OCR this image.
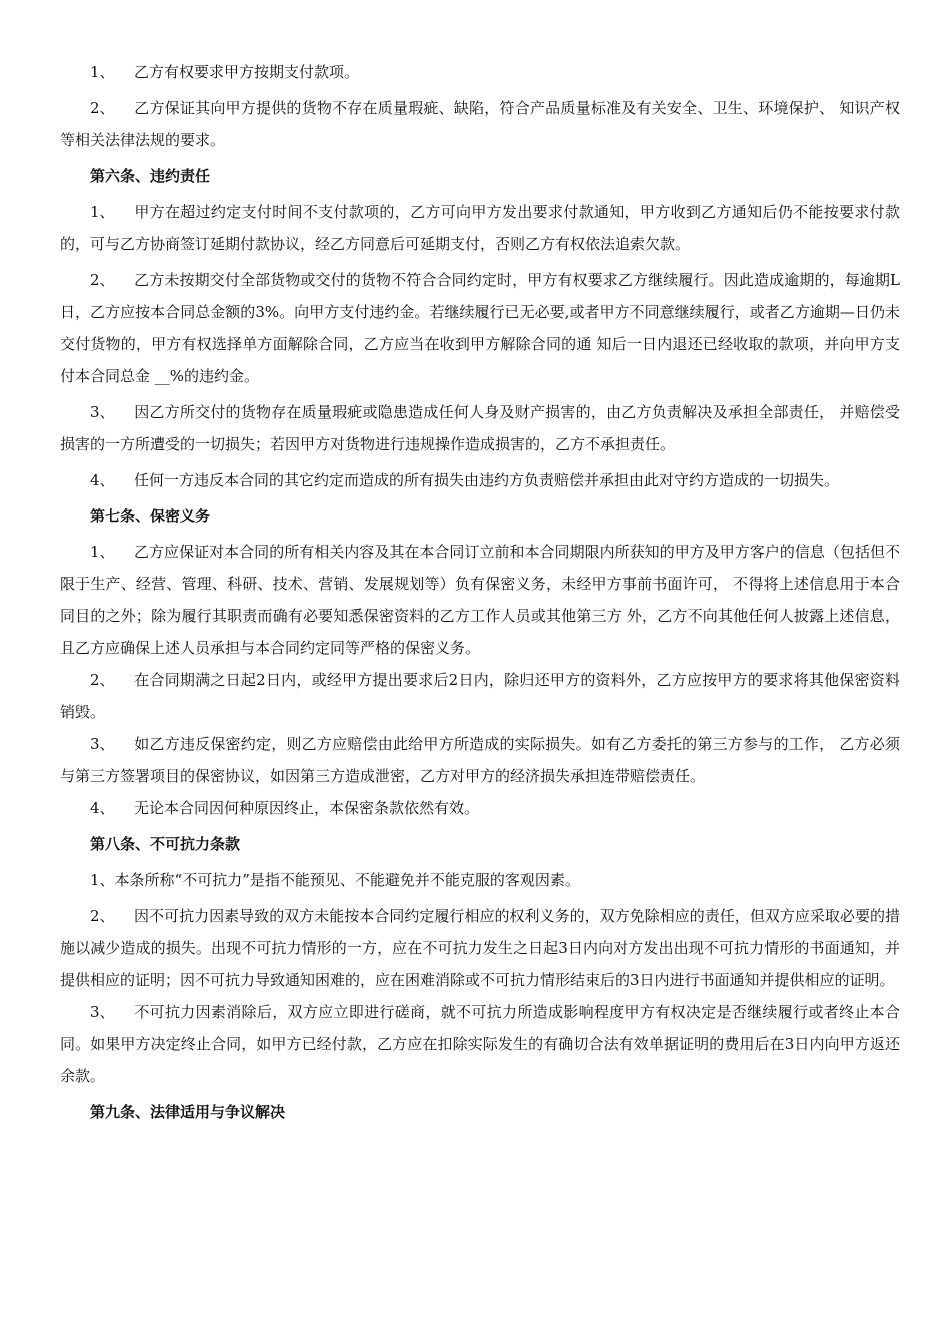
1、 乙方有权要求甲方按期支付款项。

2、 乙方保证其向甲方提供的货物不存在质量瑕疵、缺陷，符合产品质量标准及有关安全、卫生、环境保护、 知识产权等相关法律法规的要求。

第六条、违约责任

1、 甲方在超过约定支付时间不支付款项的，乙方可向甲方发出要求付款通知，甲方收到乙方通知后仍不能按要求付款的，可与乙方协商签订延期付款协议，经乙方同意后可延期支付，否则乙方有权依法追索欠款。

2、 乙方未按期交付全部货物或交付的货物不符合合同约定时，甲方有权要求乙方继续履行。因此造成逾期的，每逾期L日，乙方应按本合同总金额的3%。向甲方支付违约金。若继续履行已无必要,或者甲方不同意继续履行，或者乙方逾期—日仍未交付货物的，甲方有权选择单方面解除合同，乙方应当在收到甲方解除合同的通 知后一日内退还已经收取的款项，并向甲方支付本合同总金 __%的违约金。

3、 因乙方所交付的货物存在质量瑕疵或隐患造成任何人身及财产损害的，由乙方负责解决及承担全部责任， 并赔偿受损害的一方所遭受的一切损失；若因甲方对货物进行违规操作造成损害的，乙方不承担责任。

4、 任何一方违反本合同的其它约定而造成的所有损失由违约方负责赔偿并承担由此对守约方造成的一切损失。

第七条、保密义务

1、 乙方应保证对本合同的所有相关内容及其在本合同订立前和本合同期限内所获知的甲方及甲方客户的信息（包括但不限于生产、经营、管理、科研、技术、营销、发展规划等）负有保密义务，未经甲方事前书面许可， 不得将上述信息用于本合同目的之外；除为履行其职责而确有必要知悉保密资料的乙方工作人员或其他第三方 外，乙方不向其他任何人披露上述信息，且乙方应确保上述人员承担与本合同约定同等严格的保密义务。

2、 在合同期满之日起2日内，或经甲方提出要求后2日内，除归还甲方的资料外，乙方应按甲方的要求将其他保密资料销毁。

3、 如乙方违反保密约定，则乙方应赔偿由此给甲方所造成的实际损失。如有乙方委托的第三方参与的工作， 乙方必须与第三方签署项目的保密协议，如因第三方造成泄密，乙方对甲方的经济损失承担连带赔偿责任。

4、 无论本合同因何种原因终止，本保密条款依然有效。

第八条、不可抗力条款

1、本条所称“不可抗力”是指不能预见、不能避免并不能克服的客观因素。

2、 因不可抗力因素导致的双方未能按本合同约定履行相应的权利义务的，双方免除相应的责任，但双方应采取必要的措施以减少造成的损失。出现不可抗力情形的一方，应在不可抗力发生之日起3日内向对方发出出现不可抗力情形的书面通知，并提供相应的证明；因不可抗力导致通知困难的，应在困难消除或不可抗力情形结束后的3日内进行书面通知并提供相应的证明。

3、 不可抗力因素消除后，双方应立即进行磋商，就不可抗力所造成影响程度甲方有权决定是否继续履行或者终止本合同。如果甲方决定终止合同，如甲方已经付款，乙方应在扣除实际发生的有确切合法有效单据证明的费用后在3日内向甲方返还余款。

第九条、法律适用与争议解决
